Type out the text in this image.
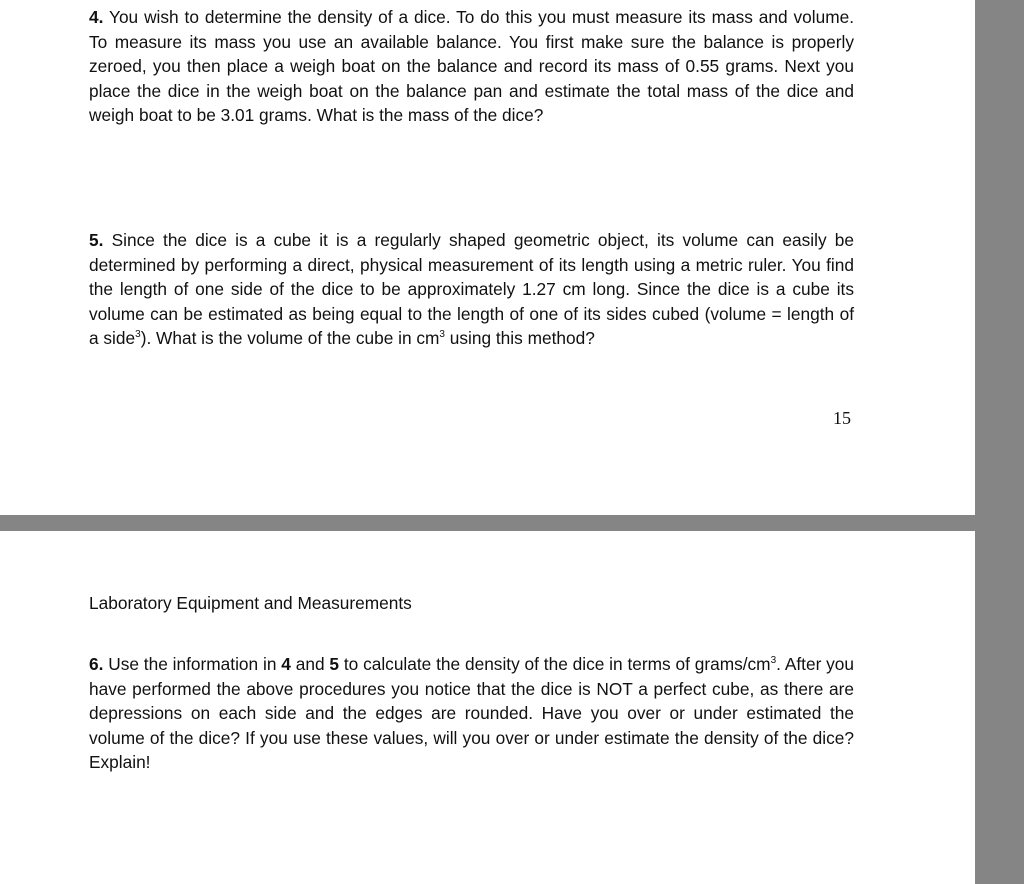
4. You wish to determine the density of a dice. To do this you must measure its mass and volume. To measure its mass you use an available balance. You first make sure the balance is properly zeroed, you then place a weigh boat on the balance and record its mass of 0.55 grams. Next you place the dice in the weigh boat on the balance pan and estimate the total mass of the dice and weigh boat to be 3.01 grams. What is the mass of the dice?

5. Since the dice is a cube it is a regularly shaped geometric object, its volume can easily be determined by performing a direct, physical measurement of its length using a metric ruler. You find the length of one side of the dice to be approximately 1.27 cm long. Since the dice is a cube its volume can be estimated as being equal to the length of one of its sides cubed (volume = length of a side$^3$). What is the volume of the cube in $cm^3$ using this method?

15
Laboratory Equipment and Measurements

6. Use the information in 4 and 5 to calculate the density of the dice in terms of grams/$cm^3$. After you have performed the above procedures you notice that the dice is NOT a perfect cube, as there are depressions on each side and the edges are rounded. Have you over or under estimated the volume of the dice? If you use these values, will you over or under estimate the density of the dice? Explain!
